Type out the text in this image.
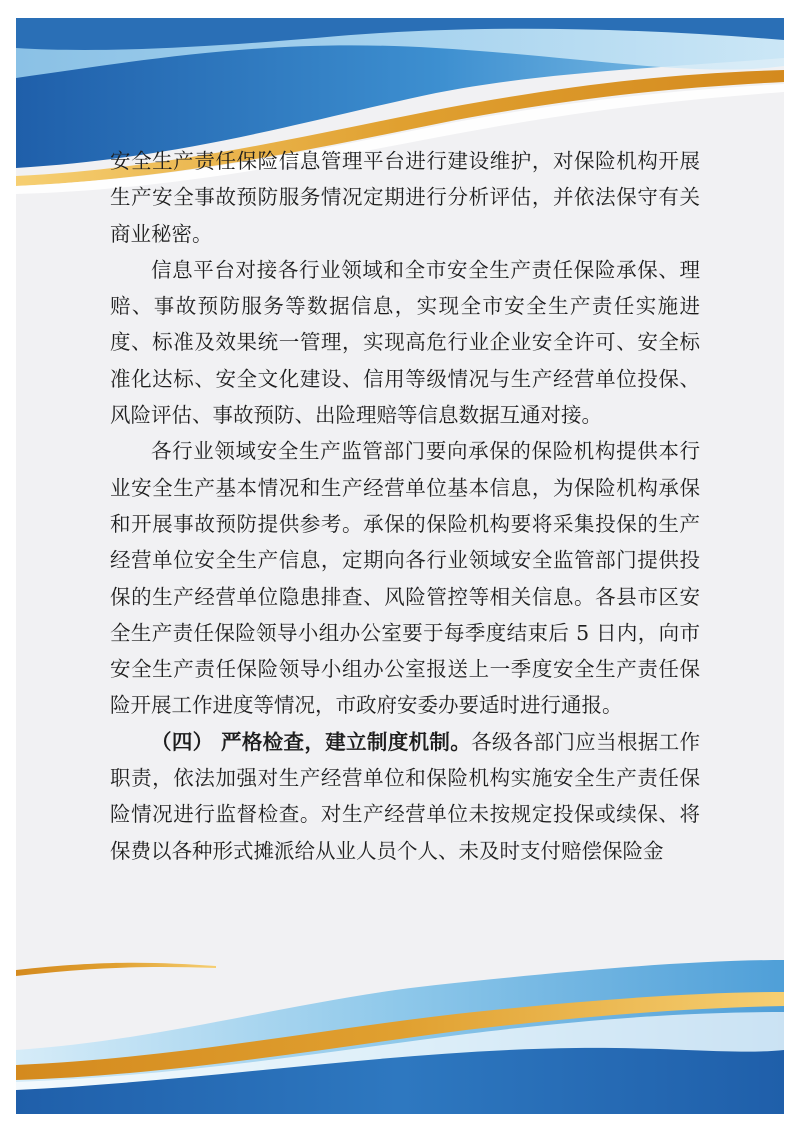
安全生产责任保险信息管理平台进行建设维护，对保险机构开展生产安全事故预防服务情况定期进行分析评估，并依法保守有关商业秘密。

信息平台对接各行业领域和全市安全生产责任保险承保、理赔、事故预防服务等数据信息，实现全市安全生产责任实施进度、标准及效果统一管理，实现高危行业企业安全许可、安全标准化达标、安全文化建设、信用等级情况与生产经营单位投保、风险评估、事故预防、出险理赔等信息数据互通对接。

各行业领域安全生产监管部门要向承保的保险机构提供本行业安全生产基本情况和生产经营单位基本信息，为保险机构承保和开展事故预防提供参考。承保的保险机构要将采集投保的生产经营单位安全生产信息，定期向各行业领域安全监管部门提供投保的生产经营单位隐患排查、风险管控等相关信息。各县市区安全生产责任保险领导小组办公室要于每季度结束后 5 日内，向市安全生产责任保险领导小组办公室报送上一季度安全生产责任保险开展工作进度等情况，市政府安委办要适时进行通报。

（四） 严格检查，建立制度机制。各级各部门应当根据工作职责，依法加强对生产经营单位和保险机构实施安全生产责任保险情况进行监督检查。对生产经营单位未按规定投保或续保、将保费以各种形式摊派给从业人员个人、未及时支付赔偿保险金
